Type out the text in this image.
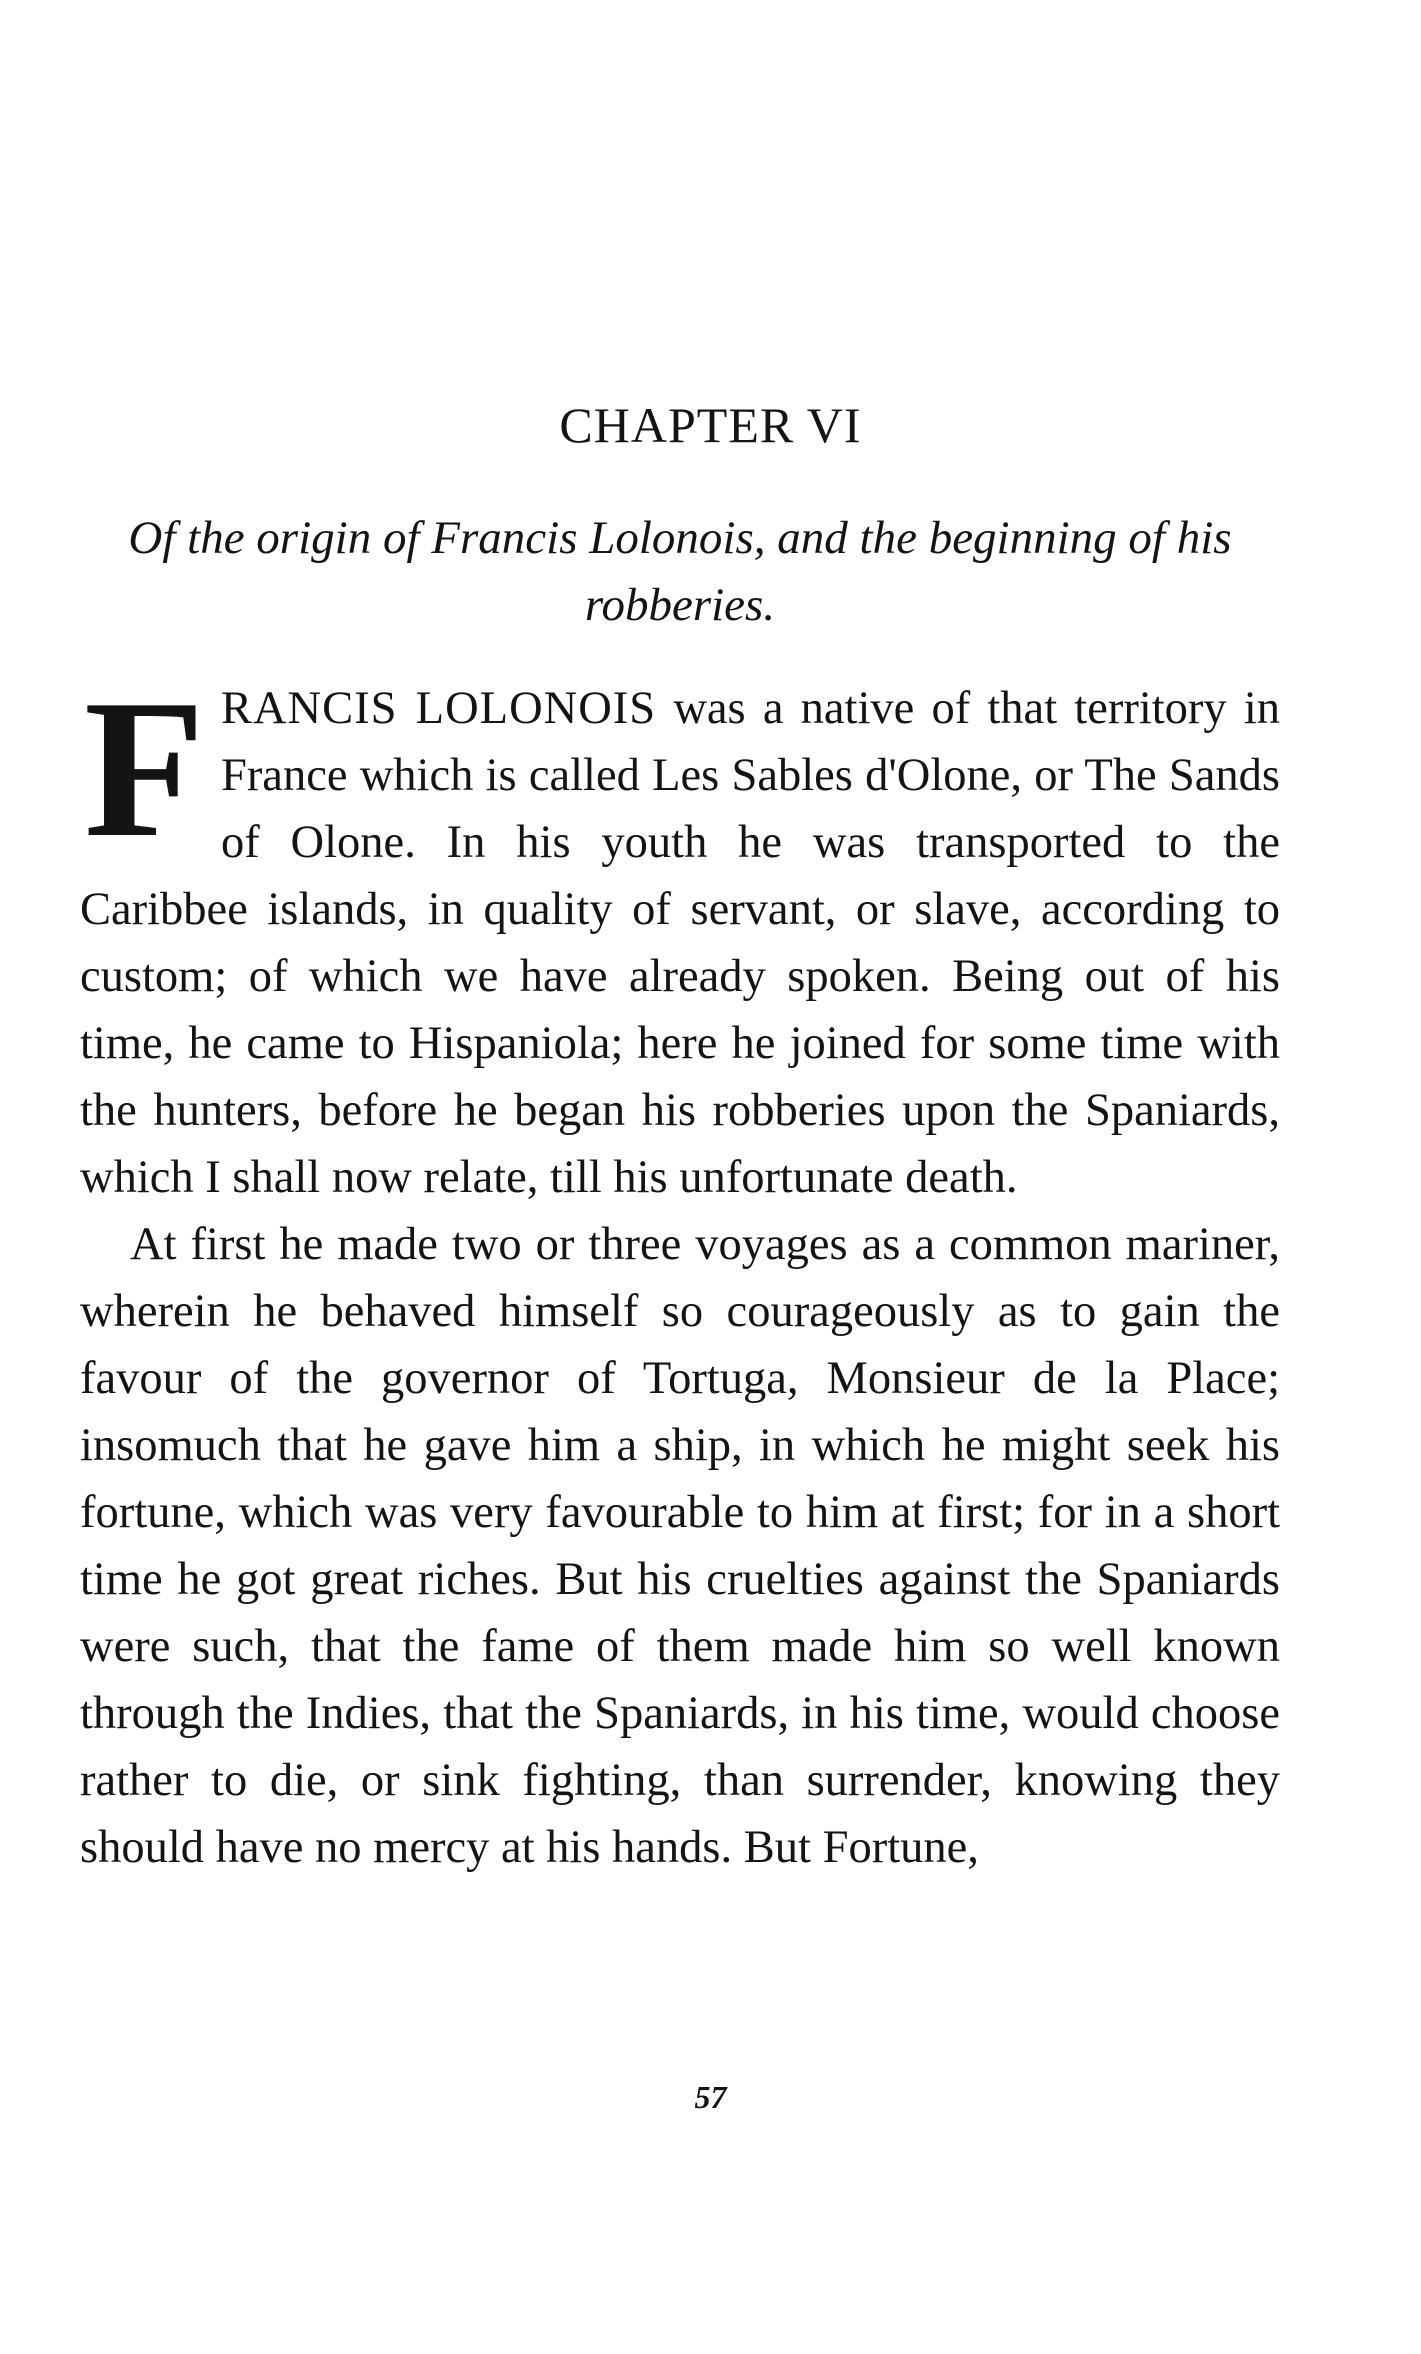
CHAPTER VI

Of the origin of Francis Lolonois, and the beginning of his robberies.

FRANCIS LOLONOIS was a native of that territory in France which is called Les Sables d'Olone, or The Sands of Olone. In his youth he was transported to the Caribbee islands, in quality of servant, or slave, according to custom; of which we have already spoken. Being out of his time, he came to Hispaniola; here he joined for some time with the hunters, before he began his robberies upon the Spaniards, which I shall now relate, till his unfortunate death.

At first he made two or three voyages as a common mariner, wherein he behaved himself so courageously as to gain the favour of the governor of Tortuga, Monsieur de la Place; insomuch that he gave him a ship, in which he might seek his fortune, which was very favourable to him at first; for in a short time he got great riches. But his cruelties against the Spaniards were such, that the fame of them made him so well known through the Indies, that the Spaniards, in his time, would choose rather to die, or sink fighting, than surrender, knowing they should have no mercy at his hands. But Fortune,

57
